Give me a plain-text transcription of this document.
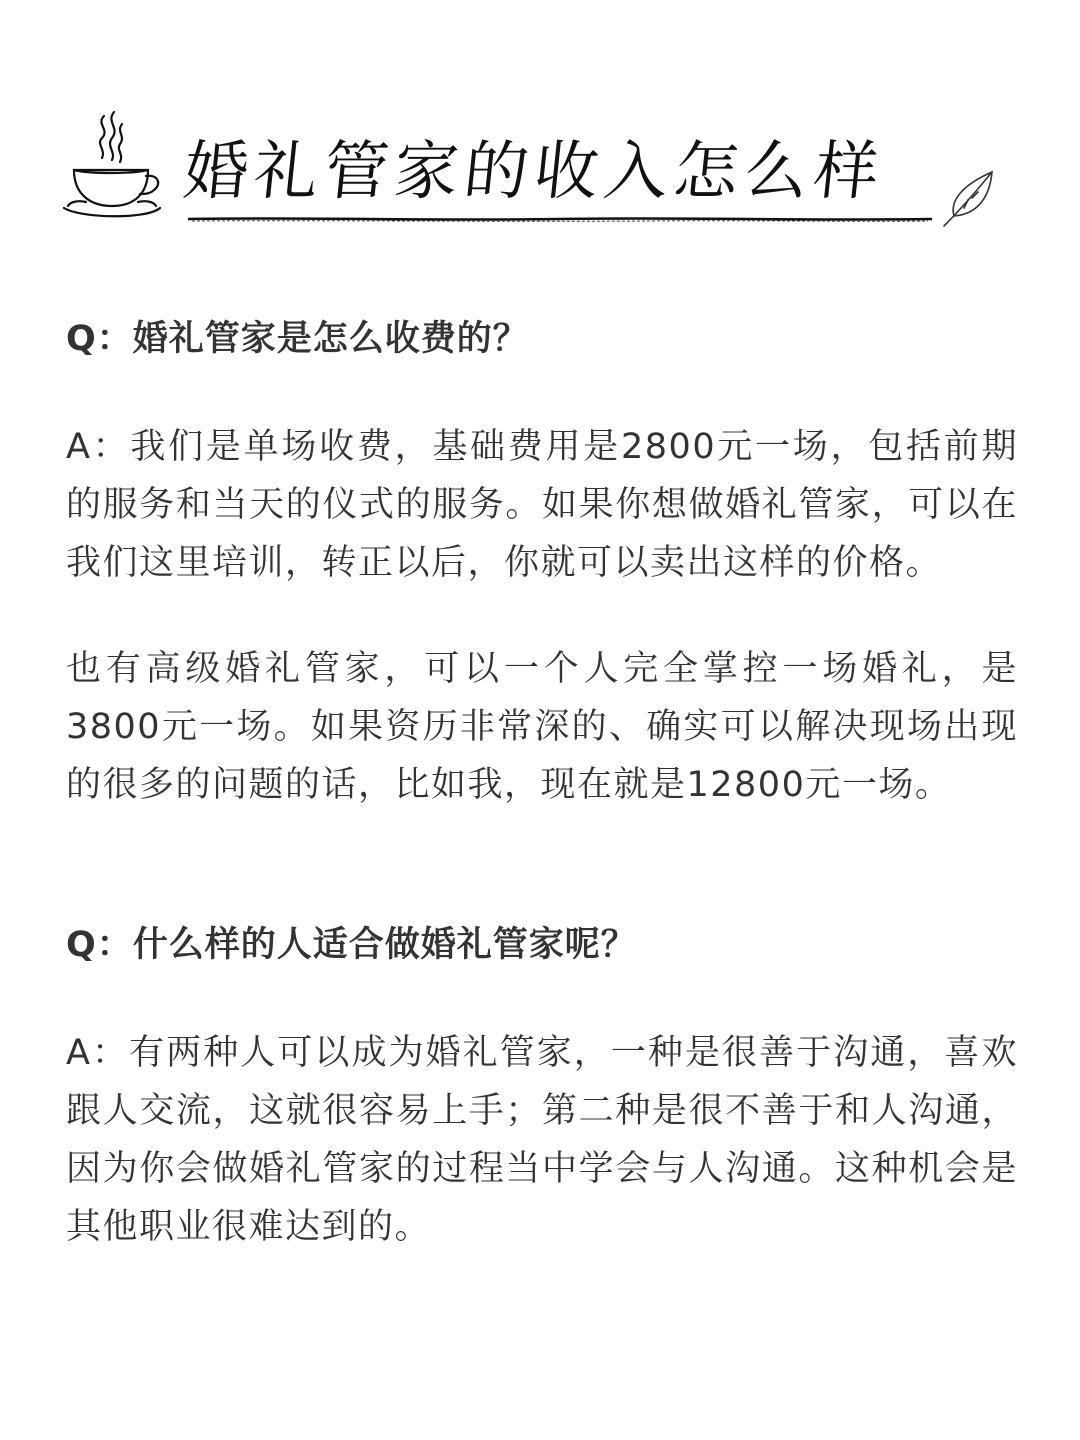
婚礼管家的收入怎么样

Q：婚礼管家是怎么收费的？

A：我们是单场收费，基础费用是2800元一场，包括前期的服务和当天的仪式的服务。如果你想做婚礼管家，可以在我们这里培训，转正以后，你就可以卖出这样的价格。

也有高级婚礼管家，可以一个人完全掌控一场婚礼，是3800元一场。如果资历非常深的、确实可以解决现场出现的很多的问题的话，比如我，现在就是12800元一场。

Q：什么样的人适合做婚礼管家呢？

A：有两种人可以成为婚礼管家，一种是很善于沟通，喜欢跟人交流，这就很容易上手；第二种是很不善于和人沟通，因为你会做婚礼管家的过程当中学会与人沟通。这种机会是其他职业很难达到的。
